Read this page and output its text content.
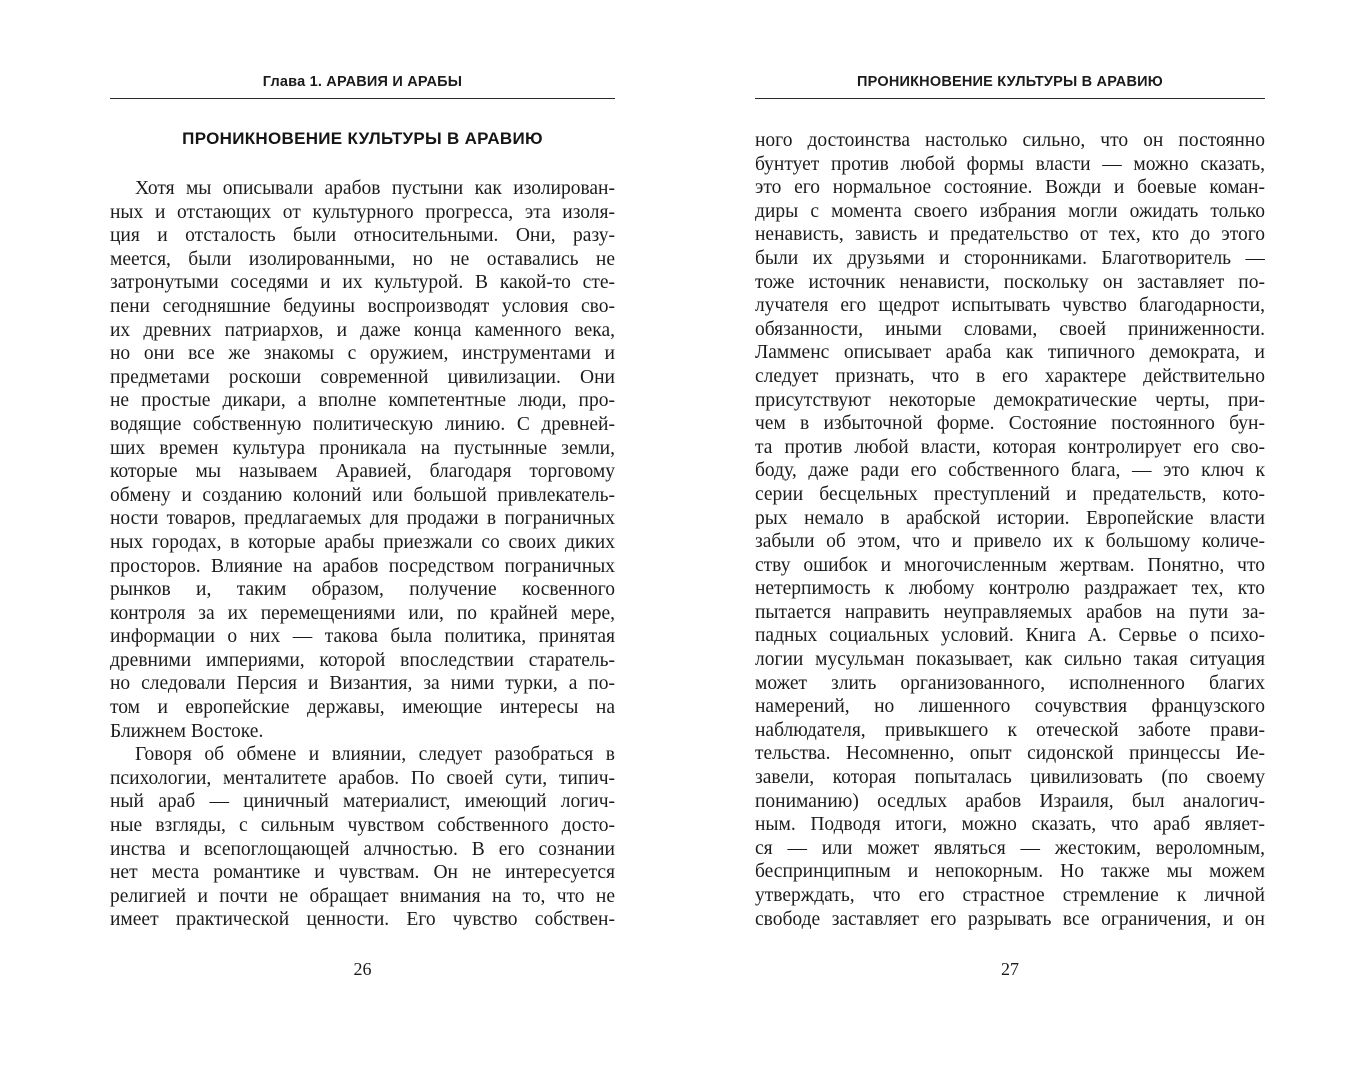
Глава 1. АРАВИЯ И АРАБЫ
ПРОНИКНОВЕНИЕ КУЛЬТУРЫ В АРАВИЮ
Хотя мы описывали арабов пустыни как изолирован-
ных и отстающих от культурного прогресса, эта изоля-
ция и отсталость были относительными. Они, разу-
меется, были изолированными, но не оставались не
затронутыми соседями и их культурой. В какой-то сте-
пени сегодняшние бедуины воспроизводят условия сво-
их древних патриархов, и даже конца каменного века,
но они все же знакомы с оружием, инструментами и
предметами роскоши современной цивилизации. Они
не простые дикари, а вполне компетентные люди, про-
водящие собственную политическую линию. С древней-
ших времен культура проникала на пустынные земли,
которые мы называем Аравией, благодаря торговому
обмену и созданию колоний или большой привлекатель-
ности товаров, предлагаемых для продажи в пограничных
ных городах, в которые арабы приезжали со своих диких
просторов. Влияние на арабов посредством пограничных
рынков и, таким образом, получение косвенного
контроля за их перемещениями или, по крайней мере,
информации о них — такова была политика, принятая
древними империями, которой впоследствии старатель-
но следовали Персия и Византия, за ними турки, а по-
том и европейские державы, имеющие интересы на
Ближнем Востоке.
Говоря об обмене и влиянии, следует разобраться в
психологии, менталитете арабов. По своей сути, типич-
ный араб — циничный материалист, имеющий логич-
ные взгляды, с сильным чувством собственного досто-
инства и всепоглощающей алчностью. В его сознании
нет места романтике и чувствам. Он не интересуется
религией и почти не обращает внимания на то, что не
имеет практической ценности. Его чувство собствен-
26
ПРОНИКНОВЕНИЕ КУЛЬТУРЫ В АРАВИЮ
ного достоинства настолько сильно, что он постоянно
бунтует против любой формы власти — можно сказать,
это его нормальное состояние. Вожди и боевые коман-
диры с момента своего избрания могли ожидать только
ненависть, зависть и предательство от тех, кто до этого
были их друзьями и сторонниками. Благотворитель —
тоже источник ненависти, поскольку он заставляет по-
лучателя его щедрот испытывать чувство благодарности,
обязанности, иными словами, своей приниженности.
Ламменс описывает араба как типичного демократа, и
следует признать, что в его характере действительно
присутствуют некоторые демократические черты, при-
чем в избыточной форме. Состояние постоянного бун-
та против любой власти, которая контролирует его сво-
боду, даже ради его собственного блага, — это ключ к
серии бесцельных преступлений и предательств, кото-
рых немало в арабской истории. Европейские власти
забыли об этом, что и привело их к большому количе-
ству ошибок и многочисленным жертвам. Понятно, что
нетерпимость к любому контролю раздражает тех, кто
пытается направить неуправляемых арабов на пути за-
падных социальных условий. Книга А. Сервье о психо-
логии мусульман показывает, как сильно такая ситуация
может злить организованного, исполненного благих
намерений, но лишенного сочувствия французского
наблюдателя, привыкшего к отеческой заботе прави-
тельства. Несомненно, опыт сидонской принцессы Ие-
завели, которая попыталась цивилизовать (по своему
пониманию) оседлых арабов Израиля, был аналогич-
ным. Подводя итоги, можно сказать, что араб являет-
ся — или может являться — жестоким, вероломным,
беспринципным и непокорным. Но также мы можем
утверждать, что его страстное стремление к личной
свободе заставляет его разрывать все ограничения, и он
27
